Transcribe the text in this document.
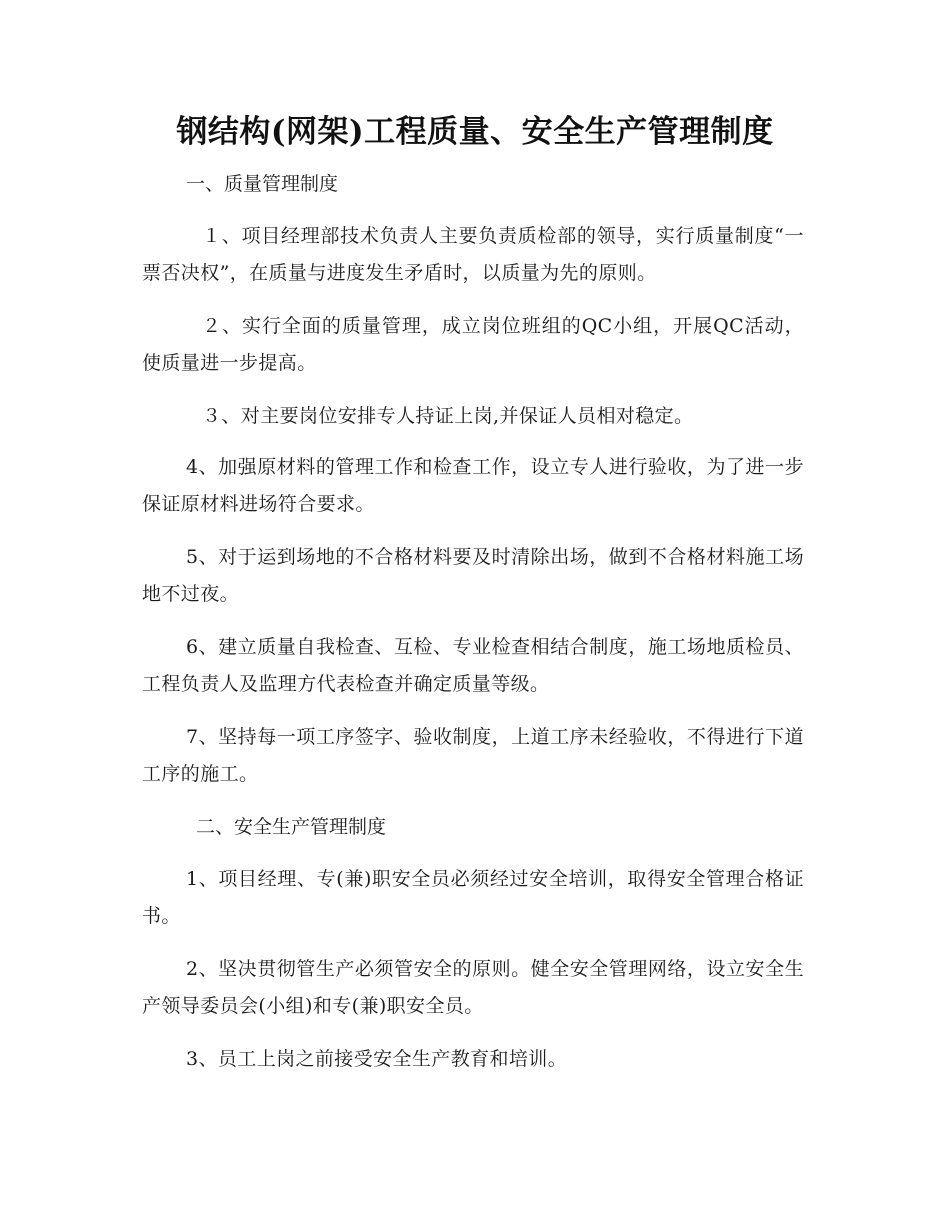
钢结构(网架)工程质量、安全生产管理制度

一、质量管理制度

１、项目经理部技术负责人主要负责质检部的领导，实行质量制度“一票否决权”，在质量与进度发生矛盾时，以质量为先的原则。

２、实行全面的质量管理，成立岗位班组的QC小组，开展QC活动，使质量进一步提高。

３、对主要岗位安排专人持证上岗,并保证人员相对稳定。

4、加强原材料的管理工作和检查工作，设立专人进行验收，为了进一步保证原材料进场符合要求。

5、对于运到场地的不合格材料要及时清除出场，做到不合格材料施工场地不过夜。

6、建立质量自我检查、互检、专业检查相结合制度，施工场地质检员、工程负责人及监理方代表检查并确定质量等级。

7、坚持每一项工序签字、验收制度，上道工序未经验收，不得进行下道工序的施工。

二、安全生产管理制度

1、项目经理、专(兼)职安全员必须经过安全培训，取得安全管理合格证书。

2、坚决贯彻管生产必须管安全的原则。健全安全管理网络，设立安全生产领导委员会(小组)和专(兼)职安全员。

3、员工上岗之前接受安全生产教育和培训。
